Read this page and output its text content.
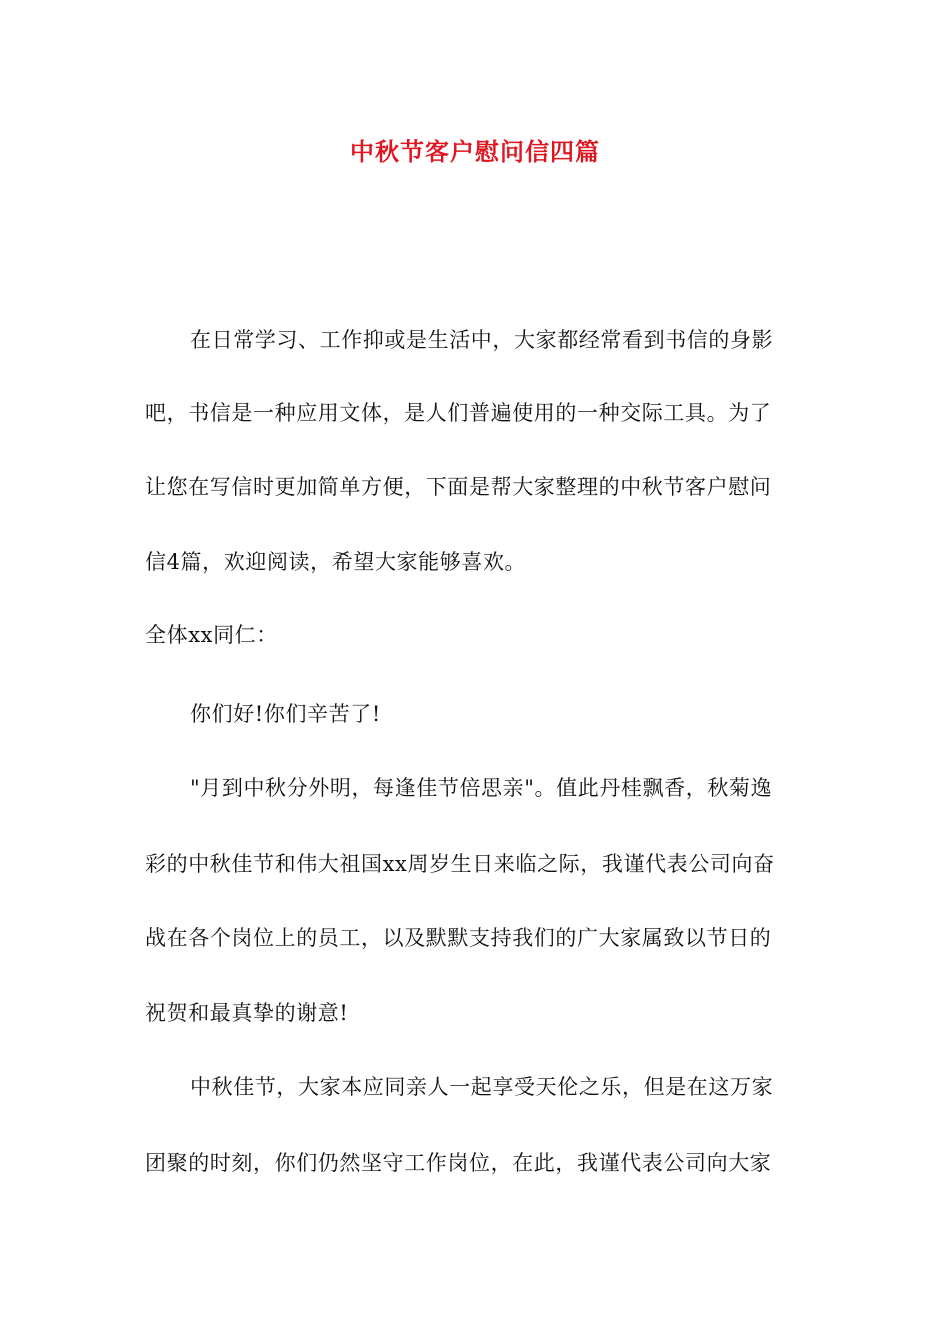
中秋节客户慰问信四篇
在日常学习、工作抑或是生活中，大家都经常看到书信的身影
吧，书信是一种应用文体，是人们普遍使用的一种交际工具。为了
让您在写信时更加简单方便，下面是帮大家整理的中秋节客户慰问
信4篇，欢迎阅读，希望大家能够喜欢。
全体xx同仁：
你们好!你们辛苦了!
"月到中秋分外明，每逢佳节倍思亲"。值此丹桂飘香，秋菊逸
彩的中秋佳节和伟大祖国xx周岁生日来临之际，我谨代表公司向奋
战在各个岗位上的员工，以及默默支持我们的广大家属致以节日的
祝贺和最真挚的谢意!
中秋佳节，大家本应同亲人一起享受天伦之乐，但是在这万家
团聚的时刻，你们仍然坚守工作岗位，在此，我谨代表公司向大家
